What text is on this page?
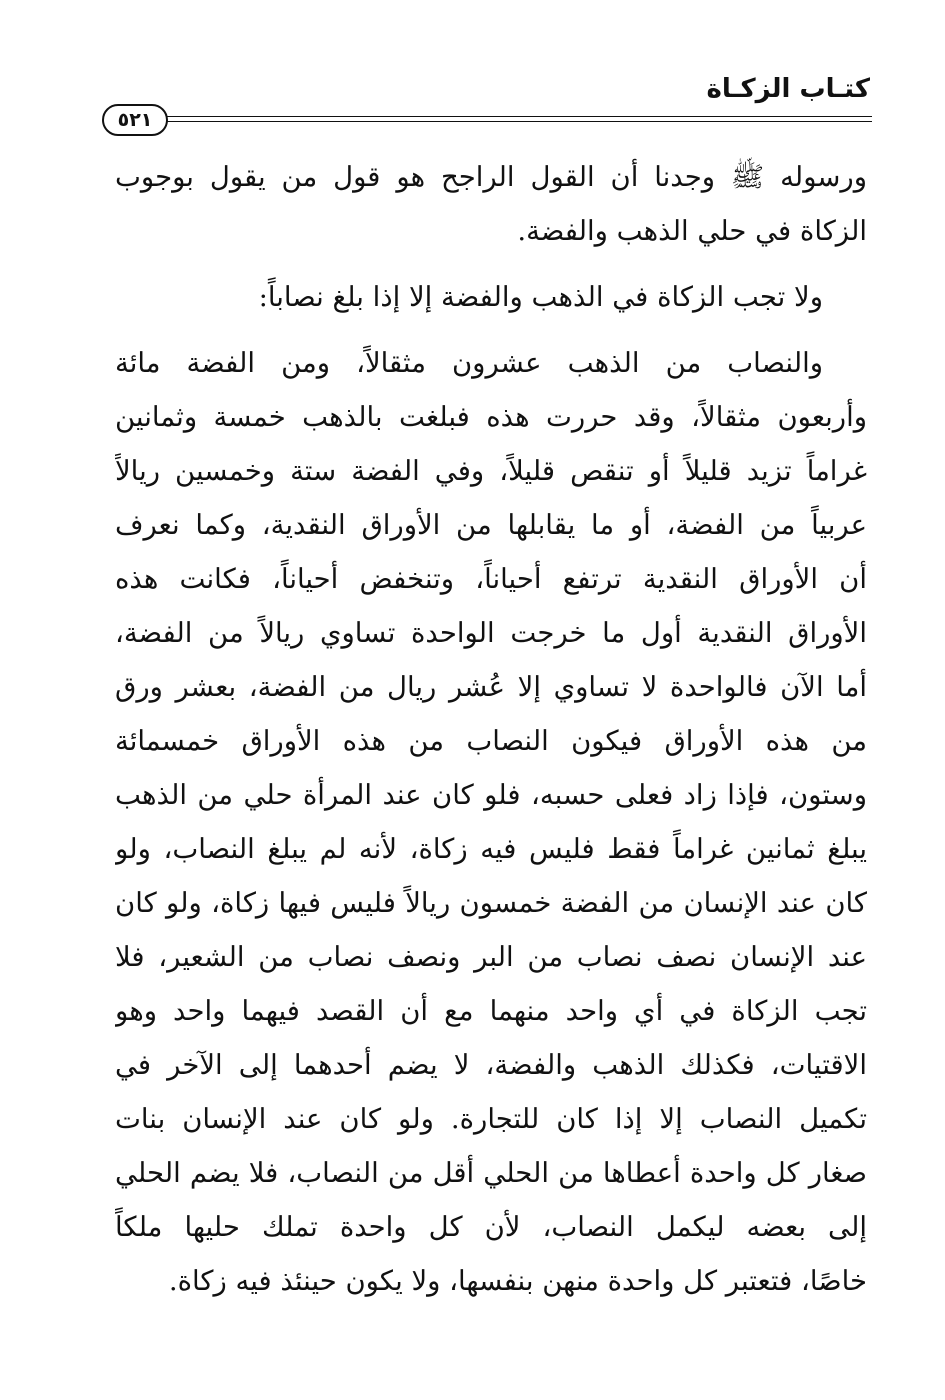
كتـاب الزكـاة
٥٢١
ورسوله ﷺ وجدنا أن القول الراجح هو قول من يقول بوجوب
الزكاة في حلي الذهب والفضة.
ولا تجب الزكاة في الذهب والفضة إلا إذا بلغ نصاباً:
والنصاب من الذهب عشرون مثقالاً، ومن الفضة مائة
وأربعون مثقالاً، وقد حررت هذه فبلغت بالذهب خمسة وثمانين
غراماً تزيد قليلاً أو تنقص قليلاً، وفي الفضة ستة وخمسين ريالاً
عربياً من الفضة، أو ما يقابلها من الأوراق النقدية، وكما نعرف
أن الأوراق النقدية ترتفع أحياناً، وتنخفض أحياناً، فكانت هذه
الأوراق النقدية أول ما خرجت الواحدة تساوي ريالاً من الفضة،
أما الآن فالواحدة لا تساوي إلا عُشر ريال من الفضة، بعشر ورق
من هذه الأوراق فيكون النصاب من هذه الأوراق خمسمائة
وستون، فإذا زاد فعلى حسبه، فلو كان عند المرأة حلي من الذهب
يبلغ ثمانين غراماً فقط فليس فيه زكاة، لأنه لم يبلغ النصاب، ولو
كان عند الإنسان من الفضة خمسون ريالاً فليس فيها زكاة، ولو كان
عند الإنسان نصف نصاب من البر ونصف نصاب من الشعير، فلا
تجب الزكاة في أي واحد منهما مع أن القصد فيهما واحد وهو
الاقتيات، فكذلك الذهب والفضة، لا يضم أحدهما إلى الآخر في
تكميل النصاب إلا إذا كان للتجارة. ولو كان عند الإنسان بنات
صغار كل واحدة أعطاها من الحلي أقل من النصاب، فلا يضم الحلي
إلى بعضه ليكمل النصاب، لأن كل واحدة تملك حليها ملكاً
خاصًا، فتعتبر كل واحدة منهن بنفسها، ولا يكون حينئذ فيه زكاة.
